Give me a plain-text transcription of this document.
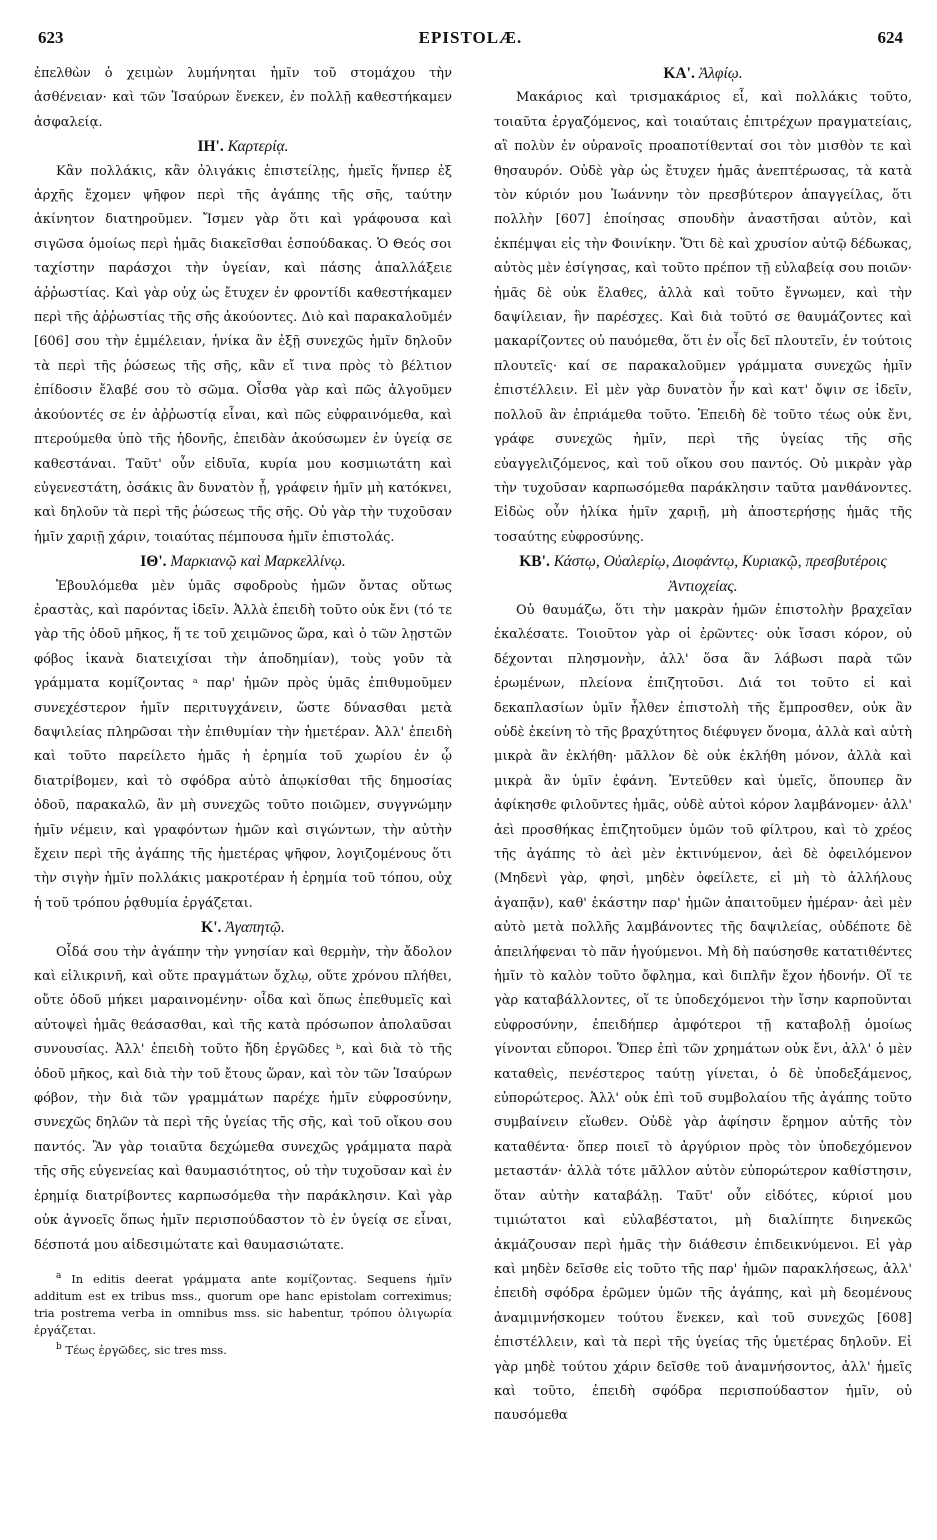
623	EPISTOLÆ.	624

ἐπελθὼν ὁ χειμὼν λυμήνηται ἡμῖν τοῦ στομάχου τὴν ἀσθένειαν· καὶ τῶν Ἰσαύρων ἕνεκεν, ἐν πολλῇ καθεστήκαμεν ἀσφαλείᾳ.

ΙΗ'. Καρτερίᾳ.

Κἂν πολλάκις, κἂν ὀλιγάκις ἐπιστείλῃς, ἡμεῖς ἥνπερ ἐξ ἀρχῆς ἔχομεν ψῆφον περὶ τῆς ἀγάπης τῆς σῆς, ταύτην ἀκίνητον διατηροῦμεν. Ἴσμεν γὰρ ὅτι καὶ γράφουσα καὶ σιγῶσα ὁμοίως περὶ ἡμᾶς διακεῖσθαι ἐσπούδακας. Ὁ Θεός σοι ταχίστην παράσχοι τὴν ὑγείαν, καὶ πάσης ἀπαλλάξειε ἀῤῥωστίας. Καὶ γὰρ οὐχ ὡς ἔτυχεν ἐν φροντίδι καθεστήκαμεν περὶ τῆς ἀῤῥωστίας τῆς σῆς ἀκούοντες. Διὸ καὶ παρακαλοῦμέν [606] σου τὴν ἐμμέλειαν, ἡνίκα ἂν ἐξῇ συνεχῶς ἡμῖν δηλοῦν τὰ περὶ τῆς ῥώσεως τῆς σῆς, κἂν εἴ τινα πρὸς τὸ βέλτιον ἐπίδοσιν ἔλαβέ σου τὸ σῶμα. Οἶσθα γὰρ καὶ πῶς ἀλγοῦμεν ἀκούοντές σε ἐν ἀῤῥωστίᾳ εἶναι, καὶ πῶς εὐφραινόμεθα, καὶ πτερούμεθα ὑπὸ τῆς ἡδονῆς, ἐπειδὰν ἀκούσωμεν ἐν ὑγείᾳ σε καθεστάναι. Ταῦτ' οὖν εἰδυῖα, κυρία μου κοσμιωτάτη καὶ εὐγενεστάτη, ὁσάκις ἂν δυνατὸν ᾖ, γράφειν ἡμῖν μὴ κατόκνει, καὶ δηλοῦν τὰ περὶ τῆς ῥώσεως τῆς σῆς. Οὐ γὰρ τὴν τυχοῦσαν ἡμῖν χαριῇ χάριν, τοιαύτας πέμπουσα ἡμῖν ἐπιστολάς.

ΙΘ'. Μαρκιανῷ καὶ Μαρκελλίνῳ.

Ἐβουλόμεθα μὲν ὑμᾶς σφοδροὺς ἡμῶν ὄντας οὕτως ἐραστὰς, καὶ παρόντας ἰδεῖν. Ἀλλὰ ἐπειδὴ τοῦτο οὐκ ἔνι (τό τε γὰρ τῆς ὁδοῦ μῆκος, ἥ τε τοῦ χειμῶνος ὥρα, καὶ ὁ τῶν λῃστῶν φόβος ἱκανὰ διατειχίσαι τὴν ἀποδημίαν), τοὺς γοῦν τὰ γράμματα κομίζοντας ᵃ παρ' ἡμῶν πρὸς ὑμᾶς ἐπιθυμοῦμεν συνεχέστερον ἡμῖν περιτυγχάνειν, ὥστε δύνασθαι μετὰ δαψιλείας πληρῶσαι τὴν ἐπιθυμίαν τὴν ἡμετέραν. Ἀλλ' ἐπειδὴ καὶ τοῦτο παρείλετο ἡμᾶς ἡ ἐρημία τοῦ χωρίου ἐν ᾧ διατρίβομεν, καὶ τὸ σφόδρα αὐτὸ ἀπῳκίσθαι τῆς δημοσίας ὁδοῦ, παρακαλῶ, ἂν μὴ συνεχῶς τοῦτο ποιῶμεν, συγγνώμην ἡμῖν νέμειν, καὶ γραφόντων ἡμῶν καὶ σιγώντων, τὴν αὐτὴν ἔχειν περὶ τῆς ἀγάπης τῆς ἡμετέρας ψῆφον, λογιζομένους ὅτι τὴν σιγὴν ἡμῖν πολλάκις μακροτέραν ἡ ἐρημία τοῦ τόπου, οὐχ ἡ τοῦ τρόπου ῥᾳθυμία ἐργάζεται.

Κ'. Ἀγαπητῷ.

Οἶδά σου τὴν ἀγάπην τὴν γνησίαν καὶ θερμὴν, τὴν ἄδολον καὶ εἰλικρινῆ, καὶ οὔτε πραγμάτων ὄχλῳ, οὔτε χρόνου πλήθει, οὔτε ὁδοῦ μήκει μαραινομένην· οἶδα καὶ ὅπως ἐπεθυμεῖς καὶ αὐτοψεὶ ἡμᾶς θεάσασθαι, καὶ τῆς κατὰ πρόσωπον ἀπολαῦσαι συνουσίας. Ἀλλ' ἐπειδὴ τοῦτο ἤδη ἐργῶδες ᵇ, καὶ διὰ τὸ τῆς ὁδοῦ μῆκος, καὶ διὰ τὴν τοῦ ἔτους ὥραν, καὶ τὸν τῶν Ἰσαύρων φόβον, τὴν διὰ τῶν γραμμάτων παρέχε ἡμῖν εὐφροσύνην, συνεχῶς δηλῶν τὰ περὶ τῆς ὑγείας τῆς σῆς, καὶ τοῦ οἴκου σου παντός. Ἂν γὰρ τοιαῦτα δεχώμεθα συνεχῶς γράμματα παρὰ τῆς σῆς εὐγενείας καὶ θαυμασιότητος, οὐ τὴν τυχοῦσαν καὶ ἐν ἐρημίᾳ διατρίβοντες καρπωσόμεθα τὴν παράκλησιν. Καὶ γὰρ οὐκ ἀγνοεῖς ὅπως ἡμῖν περισπούδαστον τὸ ἐν ὑγείᾳ σε εἶναι, δέσποτά μου αἰδεσιμώτατε καὶ θαυμασιώτατε.

$^a$ In editis deerat γράμματα ante κομίζοντας. Sequens ἡμῖν additum est ex tribus mss., quorum ope hanc epistolam correximus; tria postrema verba in omnibus mss. sic habentur, τρόπου ὀλιγωρία ἐργάζεται.

$^b$ Τέως ἐργῶδες, sic tres mss.

ΚΑ'. Ἀλφίῳ.

Μακάριος καὶ τρισμακάριος εἶ, καὶ πολλάκις τοῦτο, τοιαῦτα ἐργαζόμενος, καὶ τοιαύταις ἐπιτρέχων πραγματείαις, αἳ πολὺν ἐν οὐρανοῖς προαποτίθενταί σοι τὸν μισθὸν τε καὶ θησαυρόν. Οὐδὲ γὰρ ὡς ἔτυχεν ἡμᾶς ἀνεπτέρωσας, τὰ κατὰ τὸν κύριόν μου Ἰωάννην τὸν πρεσβύτερον ἀπαγγείλας, ὅτι πολλὴν [607] ἐποίησας σπουδὴν ἀναστῆσαι αὐτὸν, καὶ ἐκπέμψαι εἰς τὴν Φοινίκην. Ὅτι δὲ καὶ χρυσίον αὐτῷ δέδωκας, αὐτὸς μὲν ἐσίγησας, καὶ τοῦτο πρέπον τῇ εὐλαβείᾳ σου ποιῶν· ἡμᾶς δὲ οὐκ ἔλαθες, ἀλλὰ καὶ τοῦτο ἔγνωμεν, καὶ τὴν δαψίλειαν, ἣν παρέσχες. Καὶ διὰ τοῦτό σε θαυμάζοντες καὶ μακαρίζοντες οὐ παυόμεθα, ὅτι ἐν οἷς δεῖ πλουτεῖν, ἐν τούτοις πλουτεῖς· καί σε παρακαλοῦμεν γράμματα συνεχῶς ἡμῖν ἐπιστέλλειν. Εἰ μὲν γὰρ δυνατὸν ἦν καὶ κατ' ὄψιν σε ἰδεῖν, πολλοῦ ἂν ἐπριάμεθα τοῦτο. Ἐπειδὴ δὲ τοῦτο τέως οὐκ ἔνι, γράφε συνεχῶς ἡμῖν, περὶ τῆς ὑγείας τῆς σῆς εὐαγγελιζόμενος, καὶ τοῦ οἴκου σου παντός. Οὐ μικρὰν γὰρ τὴν τυχοῦσαν καρπωσόμεθα παράκλησιν ταῦτα μανθάνοντες. Εἰδὼς οὖν ἡλίκα ἡμῖν χαριῇ, μὴ ἀποστερήσῃς ἡμᾶς τῆς τοσαύτης εὐφροσύνης.

ΚΒ'. Κάστῳ, Οὐαλερίῳ, Διοφάντῳ, Κυριακῷ, πρεσβυτέροις Ἀντιοχείας.

Οὐ θαυμάζω, ὅτι τὴν μακρὰν ἡμῶν ἐπιστολὴν βραχεῖαν ἐκαλέσατε. Τοιοῦτον γὰρ οἱ ἐρῶντες· οὐκ ἴσασι κόρον, οὐ δέχονται πλησμονὴν, ἀλλ' ὅσα ἂν λάβωσι παρὰ τῶν ἐρωμένων, πλείονα ἐπιζητοῦσι. Διά τοι τοῦτο εἰ καὶ δεκαπλασίων ὑμῖν ἦλθεν ἐπιστολὴ τῆς ἔμπροσθεν, οὐκ ἂν οὐδὲ ἐκείνη τὸ τῆς βραχύτητος διέφυγεν ὄνομα, ἀλλὰ καὶ αὐτὴ μικρὰ ἂν ἐκλήθη· μᾶλλον δὲ οὐκ ἐκλήθη μόνον, ἀλλὰ καὶ μικρὰ ἂν ὑμῖν ἐφάνη. Ἐντεῦθεν καὶ ὑμεῖς, ὅπουπερ ἂν ἀφίκησθε φιλοῦντες ἡμᾶς, οὐδὲ αὐτοὶ κόρον λαμβάνομεν· ἀλλ' ἀεὶ προσθήκας ἐπιζητοῦμεν ὑμῶν τοῦ φίλτρου, καὶ τὸ χρέος τῆς ἀγάπης τὸ ἀεὶ μὲν ἐκτινύμενον, ἀεὶ δὲ ὀφειλόμενον (Μηδενὶ γὰρ, φησὶ, μηδὲν ὀφείλετε, εἰ μὴ τὸ ἀλλήλους ἀγαπᾷν), καθ' ἑκάστην παρ' ἡμῶν ἀπαιτοῦμεν ἡμέραν· ἀεὶ μὲν αὐτὸ μετὰ πολλῆς λαμβάνοντες τῆς δαψιλείας, οὐδέποτε δὲ ἀπειλήφεναι τὸ πᾶν ἡγούμενοι. Μὴ δὴ παύσησθε κατατιθέντες ἡμῖν τὸ καλὸν τοῦτο ὄφλημα, καὶ διπλῆν ἔχον ἡδονήν. Οἵ τε γὰρ καταβάλλοντες, οἵ τε ὑποδεχόμενοι τὴν ἴσην καρποῦνται εὐφροσύνην, ἐπειδήπερ ἀμφότεροι τῇ καταβολῇ ὁμοίως γίνονται εὔποροι. Ὅπερ ἐπὶ τῶν χρημάτων οὐκ ἔνι, ἀλλ' ὁ μὲν καταθεὶς, πενέστερος ταύτῃ γίνεται, ὁ δὲ ὑποδεξάμενος, εὐπορώτερος. Ἀλλ' οὐκ ἐπὶ τοῦ συμβολαίου τῆς ἀγάπης τοῦτο συμβαίνειν εἴωθεν. Οὐδὲ γὰρ ἀφίησιν ἔρημον αὐτῆς τὸν καταθέντα· ὅπερ ποιεῖ τὸ ἀργύριον πρὸς τὸν ὑποδεχόμενον μεταστάν· ἀλλὰ τότε μᾶλλον αὐτὸν εὐπορώτερον καθίστησιν, ὅταν αὐτὴν καταβάλῃ. Ταῦτ' οὖν εἰδότες, κύριοί μου τιμιώτατοι καὶ εὐλαβέστατοι, μὴ διαλίπητε διηνεκῶς ἀκμάζουσαν περὶ ἡμᾶς τὴν διάθεσιν ἐπιδεικνύμενοι. Εἰ γὰρ καὶ μηδὲν δεῖσθε εἰς τοῦτο τῆς παρ' ἡμῶν παρακλήσεως, ἀλλ' ἐπειδὴ σφόδρα ἐρῶμεν ὑμῶν τῆς ἀγάπης, καὶ μὴ δεομένους ἀναμιμνήσκομεν τούτου ἕνεκεν, καὶ τοῦ συνεχῶς [608] ἐπιστέλλειν, καὶ τὰ περὶ τῆς ὑγείας τῆς ὑμετέρας δηλοῦν. Εἰ γὰρ μηδὲ τούτου χάριν δεῖσθε τοῦ ἀναμνήσοντος, ἀλλ' ἡμεῖς καὶ τοῦτο, ἐπειδὴ σφόδρα περισπούδαστον ἡμῖν, οὐ παυσόμεθα
